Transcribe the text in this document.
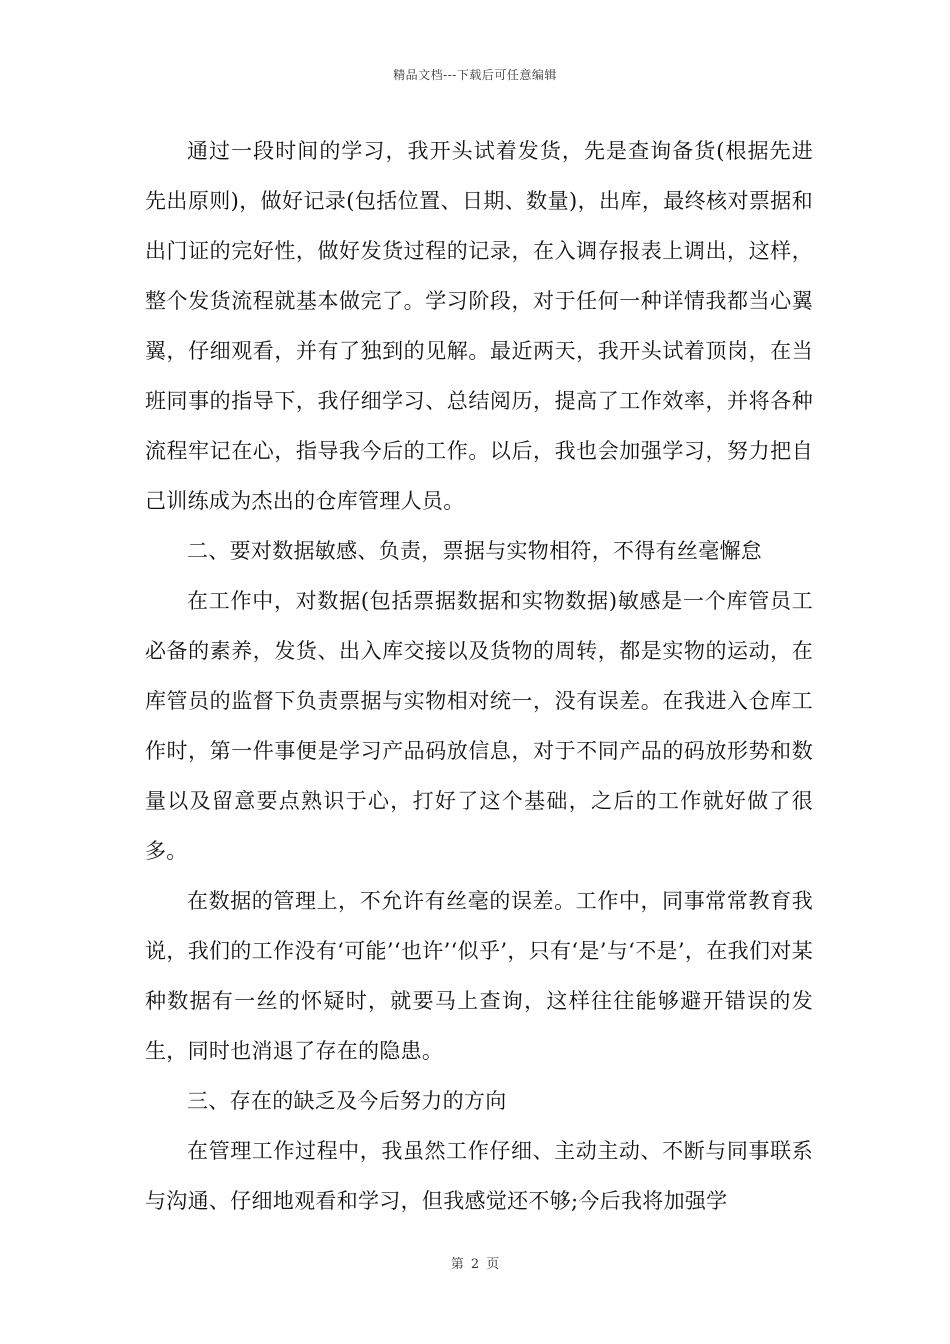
精品文档---下载后可任意编辑

通过一段时间的学习，我开头试着发货，先是查询备货(根据先进先出原则)，做好记录(包括位置、日期、数量)，出库，最终核对票据和出门证的完好性，做好发货过程的记录，在入调存报表上调出，这样，整个发货流程就基本做完了。学习阶段，对于任何一种详情我都当心翼翼，仔细观看，并有了独到的见解。最近两天，我开头试着顶岗，在当班同事的指导下，我仔细学习、总结阅历，提高了工作效率，并将各种流程牢记在心，指导我今后的工作。以后，我也会加强学习，努力把自己训练成为杰出的仓库管理人员。

二、要对数据敏感、负责，票据与实物相符，不得有丝毫懈怠

在工作中，对数据(包括票据数据和实物数据)敏感是一个库管员工必备的素养，发货、出入库交接以及货物的周转，都是实物的运动，在库管员的监督下负责票据与实物相对统一，没有误差。在我进入仓库工作时，第一件事便是学习产品码放信息，对于不同产品的码放形势和数量以及留意要点熟识于心，打好了这个基础，之后的工作就好做了很多。

在数据的管理上，不允许有丝毫的误差。工作中，同事常常教育我说，我们的工作没有‘可能’‘也许’‘似乎’，只有‘是’与‘不是’，在我们对某种数据有一丝的怀疑时，就要马上查询，这样往往能够避开错误的发生，同时也消退了存在的隐患。

三、存在的缺乏及今后努力的方向

在管理工作过程中，我虽然工作仔细、主动主动、不断与同事联系与沟通、仔细地观看和学习，但我感觉还不够;今后我将加强学

第 2 页
